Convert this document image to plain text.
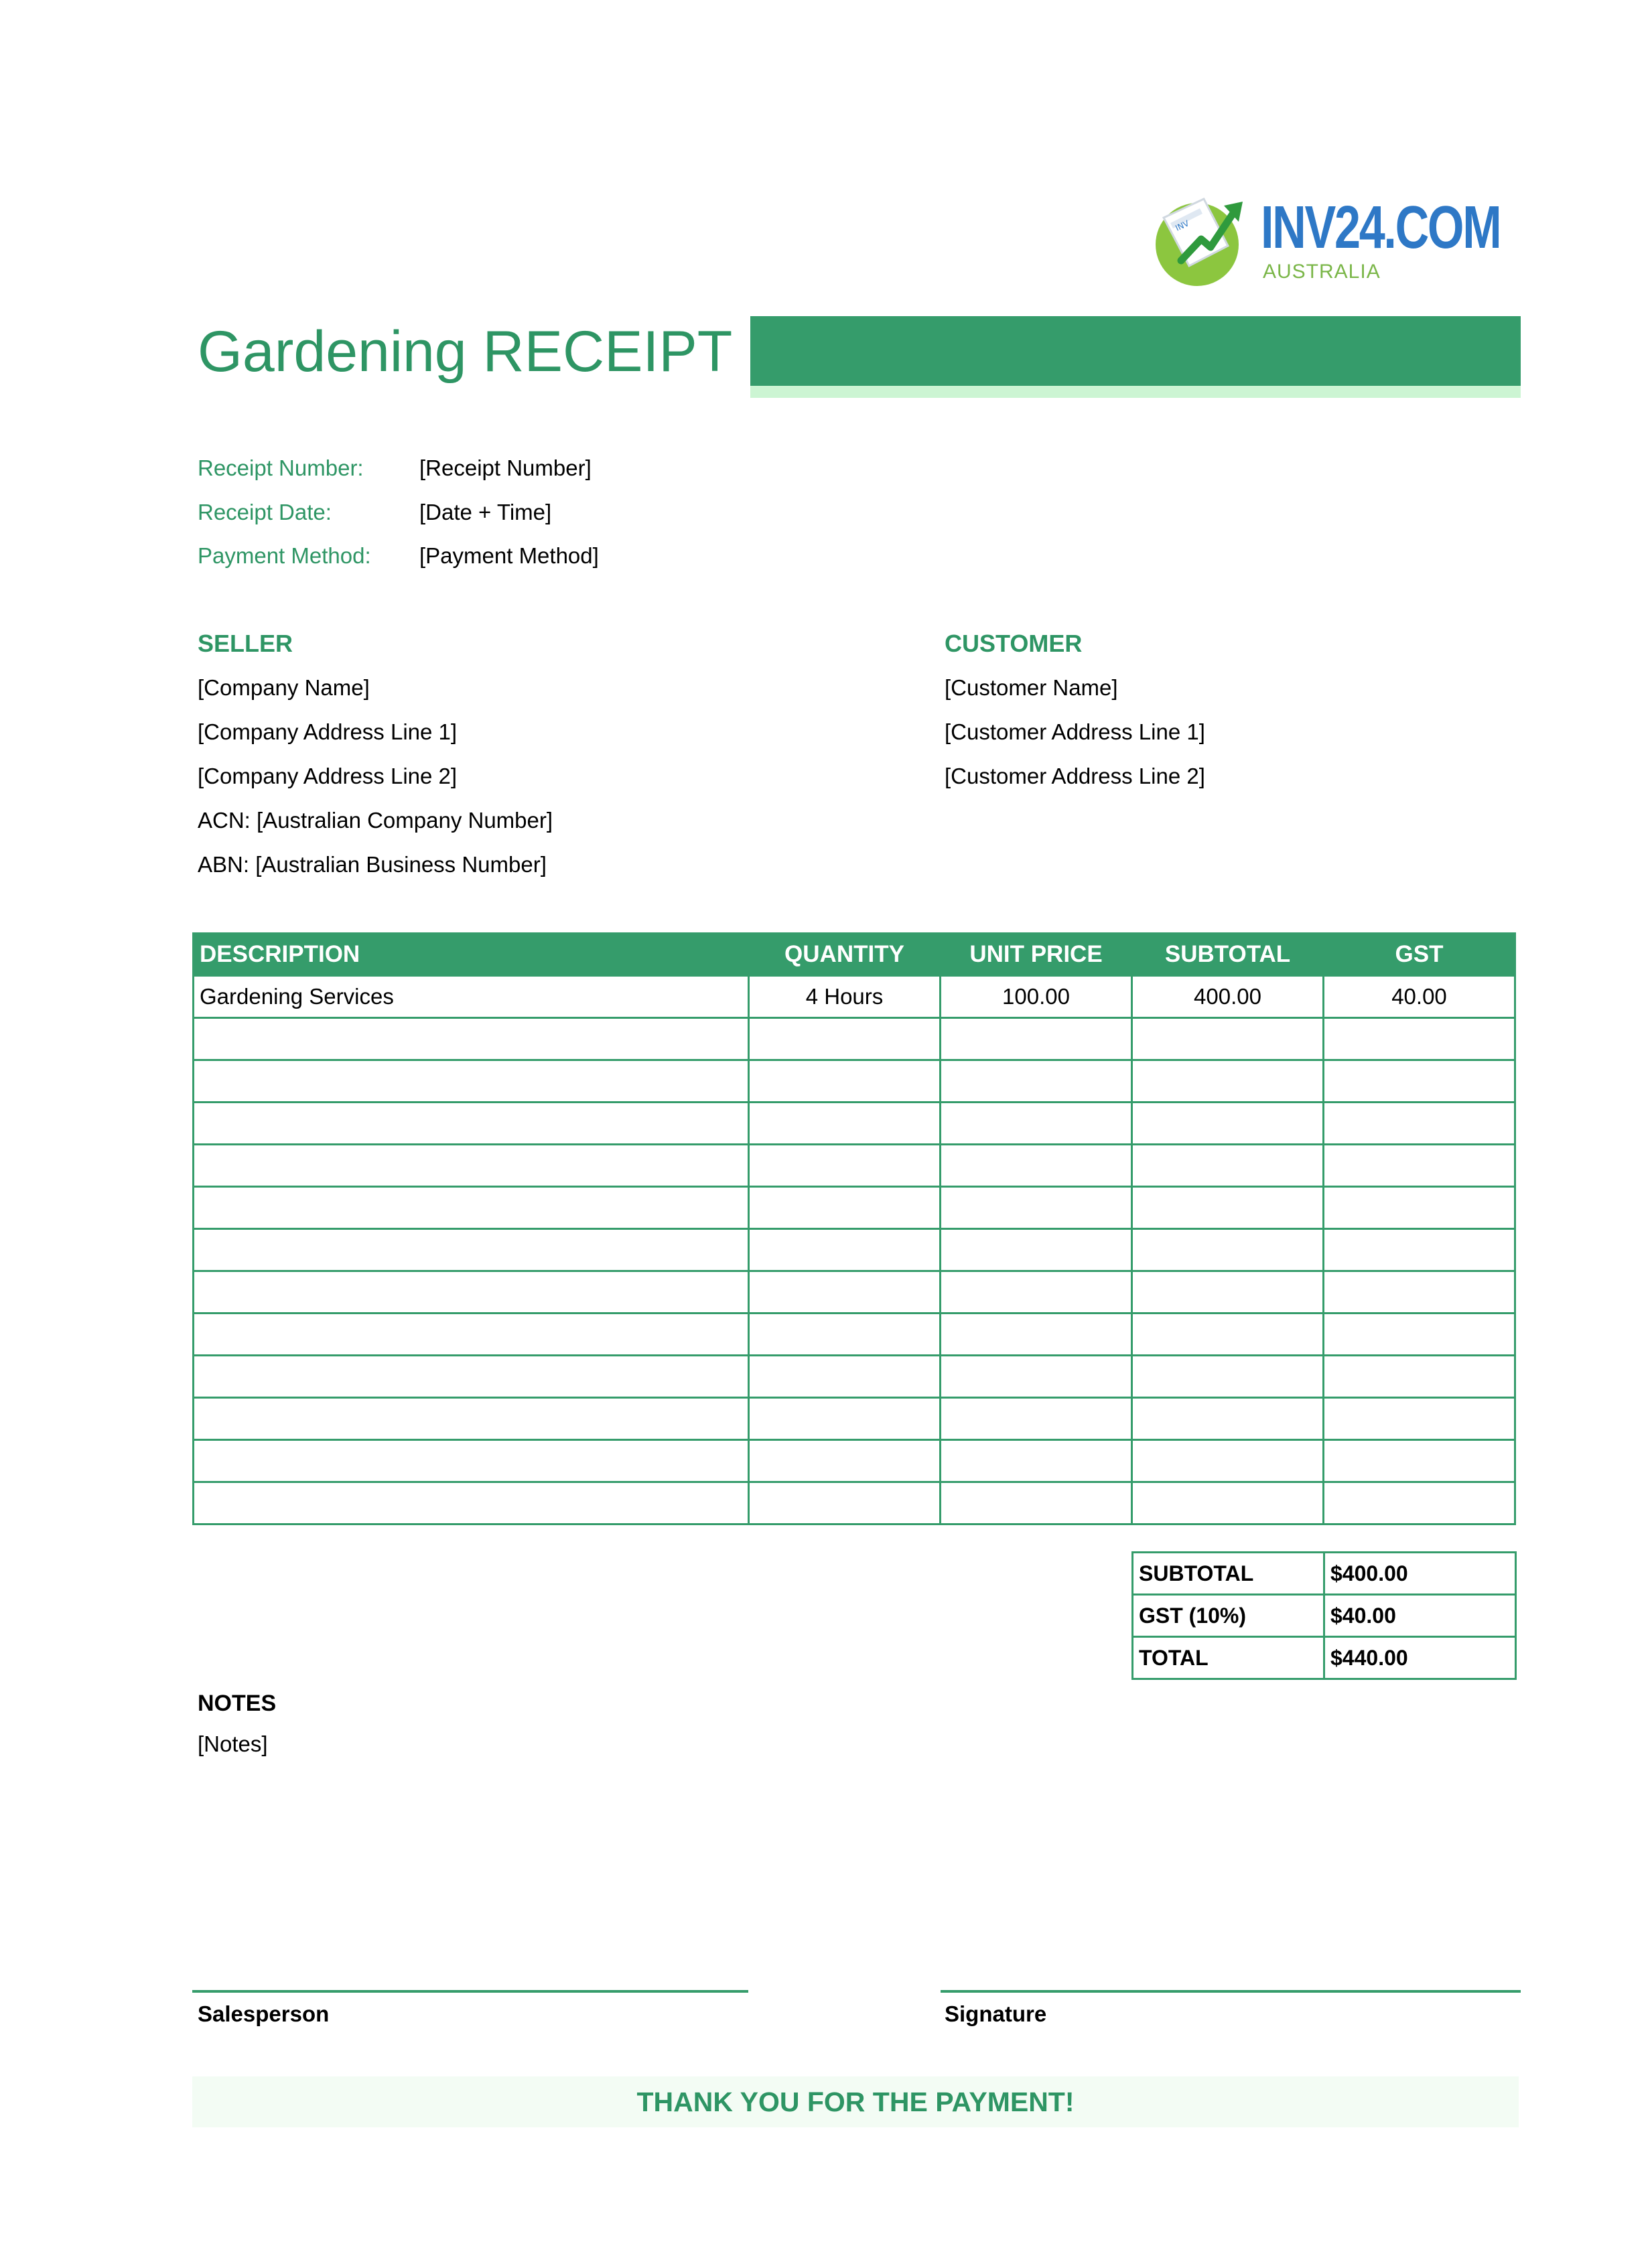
INV INV24.COM
AUSTRALIA
Gardening RECEIPT
Receipt Number:	[Receipt Number]
Receipt Date:	[Date + Time]
Payment Method: [Payment Method]
SELLER
[Company Name]
[Company Address Line 1]
[Company Address Line 2]
ACN: [Australian Company Number]
ABN: [Australian Business Number]
CUSTOMER
[Customer Name]
[Customer Address Line 1]
[Customer Address Line 2]
DESCRIPTION	QUANTITY	UNIT PRICE	SUBTOTAL	GST
Gardening Services	4 Hours	100.00	400.00	40.00

SUBTOTAL	$400.00
GST (10%)	$40.00
TOTAL	$440.00
NOTES
[Notes]
Salesperson	Signature
THANK YOU FOR THE PAYMENT!
